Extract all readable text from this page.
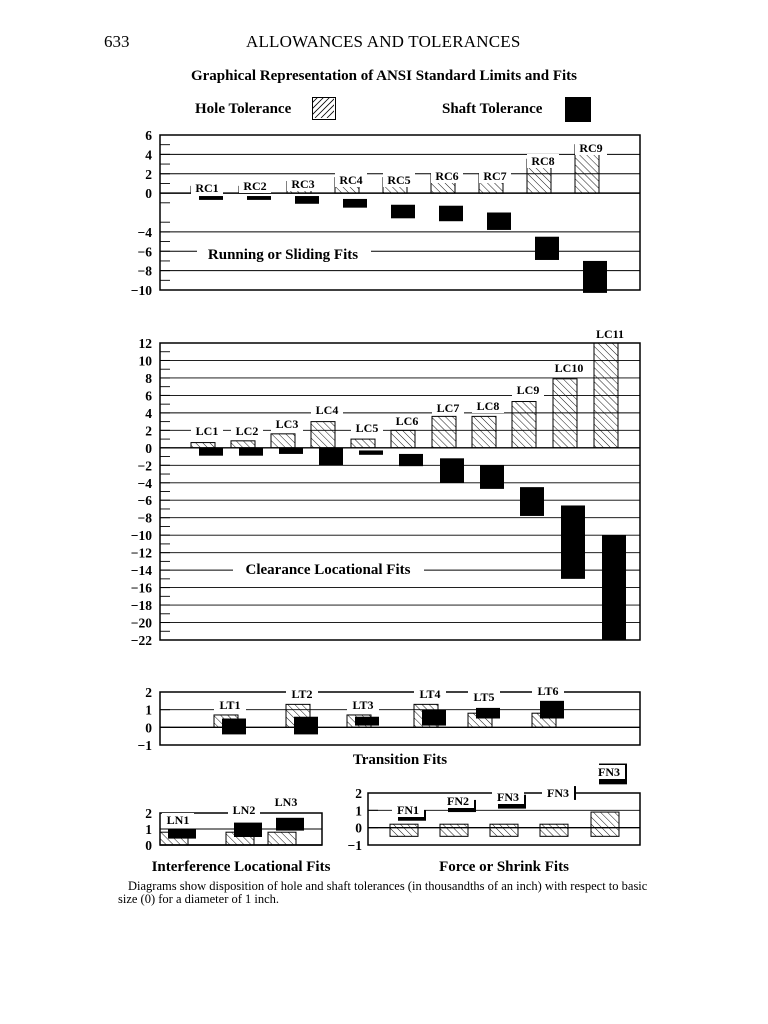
633	ALLOWANCES AND TOLERANCES
Graphical Representation of ANSI Standard Limits and Fits
Hole Tolerance	Shaft Tolerance
6
4
2
0
−4
−6
−8
−10
RC1 RC2 RC3 RC4 RC5 RC6 RC7
RC8
RC9
Running or Sliding Fits
12
10
8
6
4
2
0
−2
−4
−6
−8
−10
−12
−14
−16
−18
−20
−22
LC1 LC2 LC3
LC4
LC5 LC6
LC7 LC8
LC9
LC10
LC11
Clearance Locational Fits
2
1
0
−1
LT1
LT2
LT3
LT4	LT5	LT6
Transition Fits
2
1
0
LN1
LN2
LN3
Interference Locational Fits
2
1
0
−1
FN1
FN2 FN3 FN3
FN3
Force or Shrink Fits

Diagrams show disposition of hole and shaft tolerances (in thousandths of an inch) with respect to basic size (0) for a diameter of 1 inch.
